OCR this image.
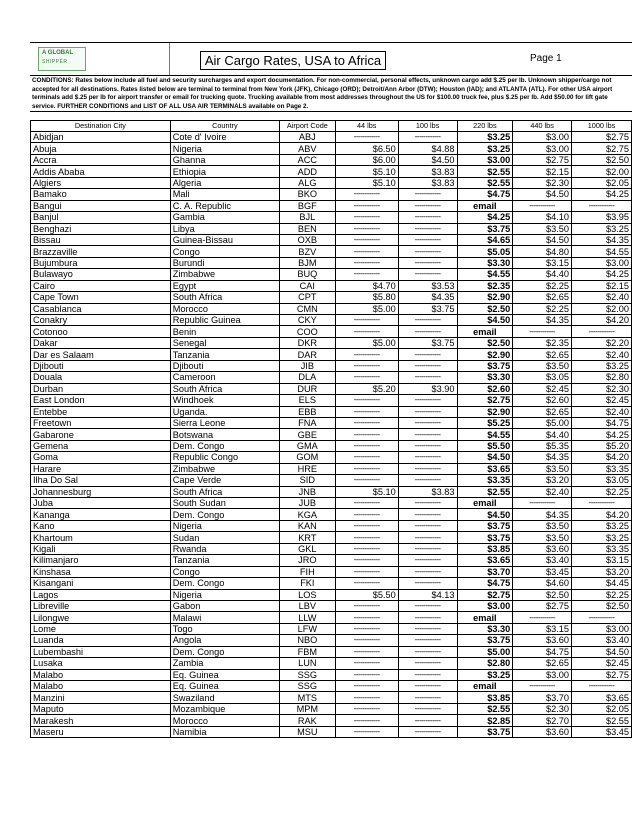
A GLOBAL
SHIPPER	Air Cargo Rates, USA to Africa	Page 1
CONDITIONS: Rates below include all fuel and security surcharges and export documentation. For non-commercial, personal effects, unknown cargo add $.25 per lb. Unknown shipper/cargo not accepted for all destinations. Rates listed below are terminal to terminal from New York (JFK), Chicago (ORD); Detroit/Ann Arbor (DTW); Houston (IAD); and ATLANTA (ATL). For other USA airport terminals add $.25 per lb for airport transfer or email for trucking quote. Trucking available from most addresses throughout the US for $100.00 truck fee, plus $.25 per lb. Add $50.00 for lift gate service. FURTHER CONDITIONS and LIST OF ALL USA AIR TERMINALS available on Page 2.
Destination City	Country	Airport Code	44 lbs	100 lbs	220 lbs	440 lbs	1000 lbs
Abidjan	Cote d' Ivoire	ABJ	------------	------------	$3.25	$3.00	$2.75
Abuja	Nigeria	ABV	$6.50	$4.88	$3.25	$3.00	$2.75
Accra	Ghanna	ACC	$6.00	$4.50	$3.00	$2.75	$2.50
Addis Ababa	Ethiopia	ADD	$5.10	$3.83	$2.55	$2.15	$2.00
Algiers	Algeria	ALG	$5.10	$3.83	$2.55	$2.30	$2.05
Bamako	Mali	BKO	------------	------------	$4.75	$4.50	$4.25
Bangui	C. A. Republic	BGF	------------	------------	email	------------	------------
Banjul	Gambia	BJL	------------	------------	$4.25	$4.10	$3.95
Benghazi	Libya	BEN	------------	------------	$3.75	$3.50	$3.25
Bissau	Guinea-Bissau	OXB	------------	------------	$4.65	$4.50	$4.35
Brazzaville	Congo	BZV	------------	------------	$5.05	$4.80	$4.55
Bujumbura	Burundi	BJM	------------	------------	$3.30	$3.15	$3.00
Bulawayo	Zimbabwe	BUQ	------------	------------	$4.55	$4.40	$4.25
Cairo	Egypt	CAI	$4.70	$3.53	$2.35	$2.25	$2.15
Cape Town	South Africa	CPT	$5.80	$4.35	$2.90	$2.65	$2.40
Casablanca	Morocco	CMN	$5.00	$3.75	$2.50	$2.25	$2.00
Conakry	Republic Guinea	CKY	------------	------------	$4.50	$4.35	$4.20
Cotonoo	Benin	COO	------------	------------	email	------------	------------
Dakar	Senegal	DKR	$5.00	$3.75	$2.50	$2.35	$2.20
Dar es Salaam	Tanzania	DAR	------------	------------	$2.90	$2.65	$2.40
Djibouti	Djibouti	JIB	------------	------------	$3.75	$3.50	$3.25
Douala	Cameroon	DLA	------------	------------	$3.30	$3.05	$2.80
Durban	South Africa	DUR	$5.20	$3.90	$2.60	$2.45	$2.30
East London	Windhoek	ELS	------------	------------	$2.75	$2.60	$2.45
Entebbe	Uganda.	EBB	------------	------------	$2.90	$2.65	$2.40
Freetown	Sierra Leone	FNA	------------	------------	$5.25	$5.00	$4.75
Gabarone	Botswana	GBE	------------	------------	$4.55	$4.40	$4.25
Gemena	Dem. Congo	GMA	------------	------------	$5.50	$5.35	$5.20
Goma	Republic Congo	GOM	------------	------------	$4.50	$4.35	$4.20
Harare	Zimbabwe	HRE	------------	------------	$3.65	$3.50	$3.35
Ilha Do Sal	Cape Verde	SID	------------	------------	$3.35	$3.20	$3.05
Johannesburg	South Africa	JNB	$5.10	$3.83	$2.55	$2.40	$2.25
Juba	South Sudan	JUB	------------	------------	email	------------	------------
Kananga	Dem. Congo	KGA	------------	------------	$4.50	$4.35	$4.20
Kano	Nigeria	KAN	------------	------------	$3.75	$3.50	$3.25
Khartoum	Sudan	KRT	------------	------------	$3.75	$3.50	$3.25
Kigali	Rwanda	GKL	------------	------------	$3.85	$3.60	$3.35
Kilimanjaro	Tanzania	JRO	------------	------------	$3.65	$3.40	$3.15
Kinshasa	Congo	FIH	------------	------------	$3.70	$3.45	$3.20
Kisangani	Dem. Congo	FKI	------------	------------	$4.75	$4.60	$4.45
Lagos	Nigeria	LOS	$5.50	$4.13	$2.75	$2.50	$2.25
Libreville	Gabon	LBV	------------	------------	$3.00	$2.75	$2.50
Lilongwe	Malawi	LLW	------------	------------	email	------------	------------
Lome	Togo	LFW	------------	------------	$3.30	$3.15	$3.00
Luanda	Angola	NBO	------------	------------	$3.75	$3.60	$3.40
Lubembashi	Dem. Congo	FBM	------------	------------	$5.00	$4.75	$4.50
Lusaka	Zambia	LUN	------------	------------	$2.80	$2.65	$2.45
Malabo	Eq. Guinea	SSG	------------	------------	$3.25	$3.00	$2.75
Malabo	Eq. Guinea	SSG	------------	------------	email	------------	------------
Manzini	Swaziland	MTS	------------	------------	$3.85	$3.70	$3.65
Maputo	Mozambique	MPM	------------	------------	$2.55	$2.30	$2.05
Marakesh	Morocco	RAK	------------	------------	$2.85	$2.70	$2.55
Maseru	Namibia	MSU	------------	------------	$3.75	$3.60	$3.45
